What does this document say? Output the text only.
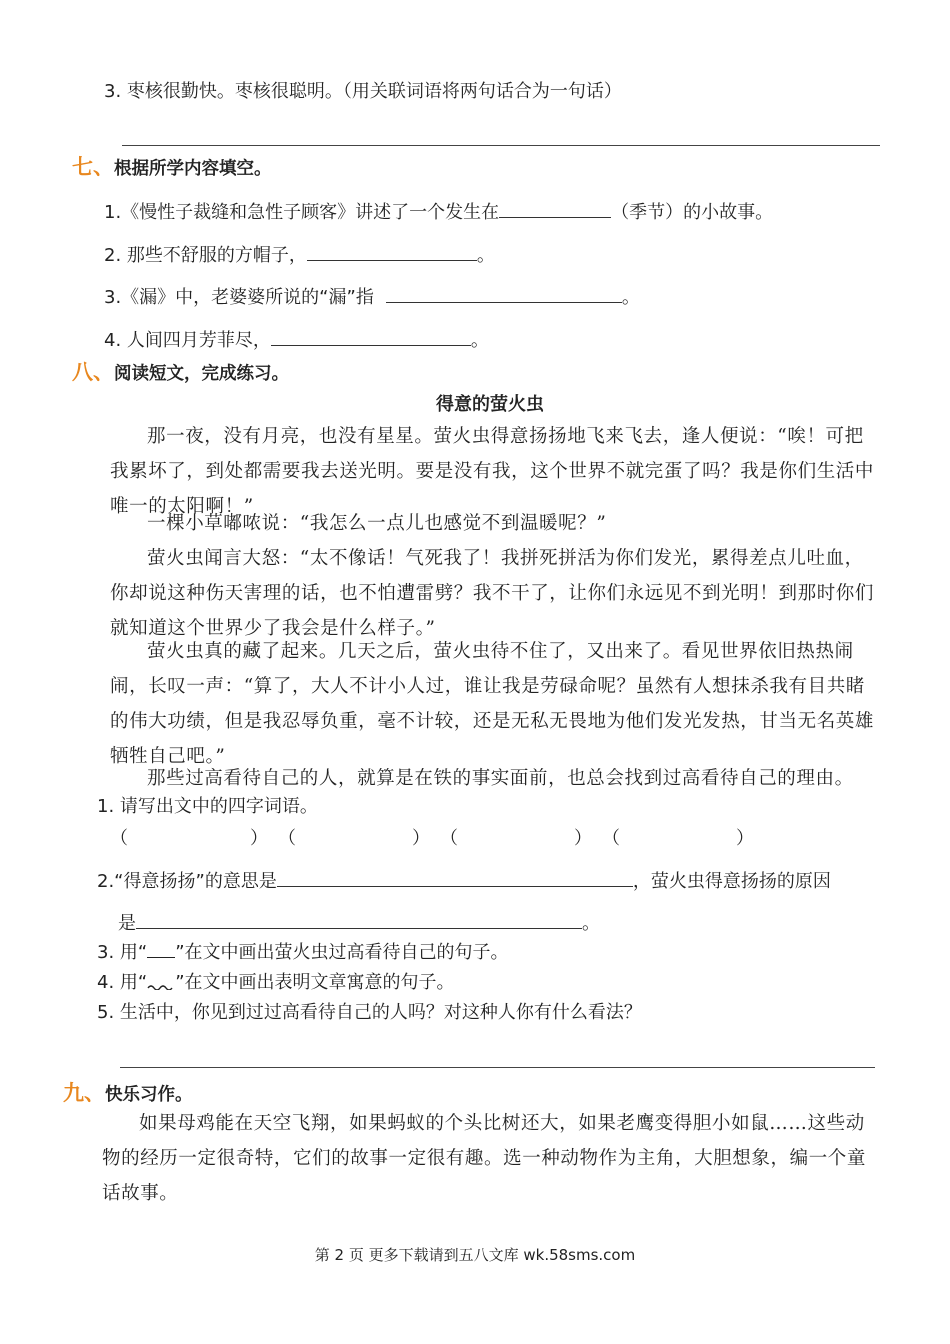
3. 枣核很勤快。枣核很聪明。（用关联词语将两句话合为一句话）
七、根据所学内容填空。
1.《慢性子裁缝和急性子顾客》讲述了一个发生在	（季节）的小故事。
2. 那些不舒服的方帽子，	。
3.《漏》中，老婆婆所说的“漏”指	。
4. 人间四月芳菲尽，	。
八、阅读短文，完成练习。
得意的萤火虫
那一夜，没有月亮，也没有星星。萤火虫得意扬扬地飞来飞去，逢人便说：“唉！可把我累坏了，到处都需要我去送光明。要是没有我，这个世界不就完蛋了吗？我是你们生活中唯一的太阳啊！”
一棵小草嘟哝说：“我怎么一点儿也感觉不到温暖呢？”
萤火虫闻言大怒：“太不像话！气死我了！我拼死拼活为你们发光，累得差点儿吐血，你却说这种伤天害理的话，也不怕遭雷劈？我不干了，让你们永远见不到光明！到那时你们就知道这个世界少了我会是什么样子。”
萤火虫真的藏了起来。几天之后，萤火虫待不住了，又出来了。看见世界依旧热热闹闹，长叹一声：“算了，大人不计小人过，谁让我是劳碌命呢？虽然有人想抹杀我有目共睹的伟大功绩，但是我忍辱负重，毫不计较，还是无私无畏地为他们发光发热，甘当无名英雄牺牲自己吧。”
那些过高看待自己的人，就算是在铁的事实面前，也总会找到过高看待自己的理由。
1. 请写出文中的四字词语。
（	） （	） （	） （	）
2.“得意扬扬”的意思是	，萤火虫得意扬扬的原因
是	。
3. 用“ ”在文中画出萤火虫过高看待自己的句子。
4. 用“ ”在文中画出表明文章寓意的句子。
5. 生活中，你见到过过高看待自己的人吗？对这种人你有什么看法？
九、快乐习作。
如果母鸡能在天空飞翔，如果蚂蚁的个头比树还大，如果老鹰变得胆小如鼠……这些动物的经历一定很奇特，它们的故事一定很有趣。选一种动物作为主角，大胆想象，编一个童话故事。
第 2 页 更多下载请到五八文库 wk.58sms.com
